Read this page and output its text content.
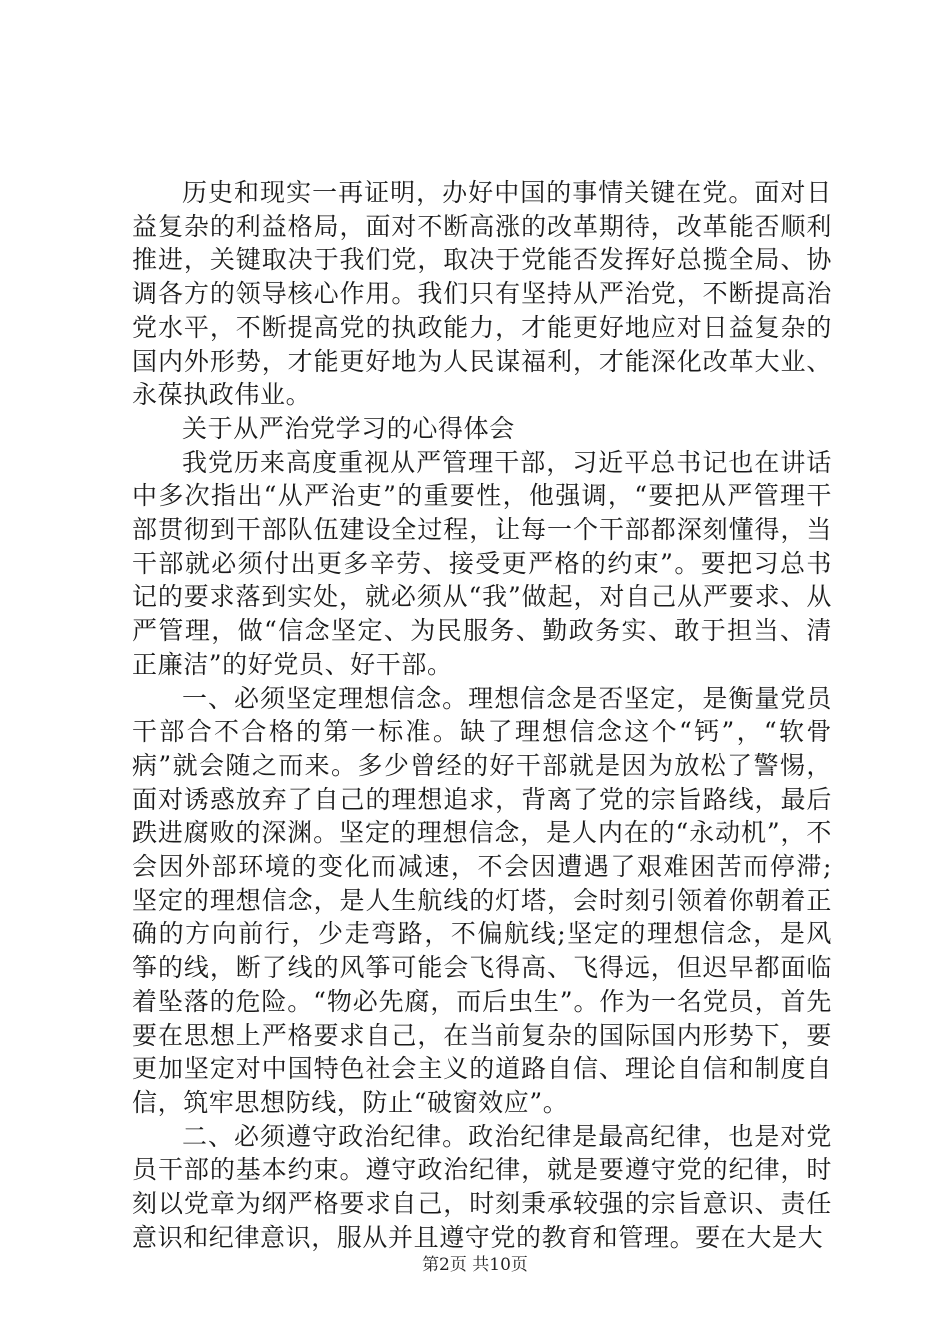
历史和现实一再证明，办好中国的事情关键在党。面对日益复杂的利益格局，面对不断高涨的改革期待，改革能否顺利推进，关键取决于我们党，取决于党能否发挥好总揽全局、协调各方的领导核心作用。我们只有坚持从严治党，不断提高治党水平，不断提高党的执政能力，才能更好地应对日益复杂的国内外形势，才能更好地为人民谋福利，才能深化改革大业、永葆执政伟业。

关于从严治党学习的心得体会

我党历来高度重视从严管理干部，习近平总书记也在讲话中多次指出“从严治吏”的重要性，他强调，“要把从严管理干部贯彻到干部队伍建设全过程，让每一个干部都深刻懂得，当干部就必须付出更多辛劳、接受更严格的约束”。要把习总书记的要求落到实处，就必须从“我”做起，对自己从严要求、从严管理，做“信念坚定、为民服务、勤政务实、敢于担当、清正廉洁”的好党员、好干部。

一、必须坚定理想信念。理想信念是否坚定，是衡量党员干部合不合格的第一标准。缺了理想信念这个“钙”，“软骨病”就会随之而来。多少曾经的好干部就是因为放松了警惕，面对诱惑放弃了自己的理想追求，背离了党的宗旨路线，最后跌进腐败的深渊。坚定的理想信念，是人内在的“永动机”，不会因外部环境的变化而减速，不会因遭遇了艰难困苦而停滞;坚定的理想信念，是人生航线的灯塔，会时刻引领着你朝着正确的方向前行，少走弯路，不偏航线;坚定的理想信念，是风筝的线，断了线的风筝可能会飞得高、飞得远，但迟早都面临着坠落的危险。“物必先腐，而后虫生”。作为一名党员，首先要在思想上严格要求自己，在当前复杂的国际国内形势下，要更加坚定对中国特色社会主义的道路自信、理论自信和制度自信，筑牢思想防线，防止“破窗效应”。

二、必须遵守政治纪律。政治纪律是最高纪律，也是对党员干部的基本约束。遵守政治纪律，就是要遵守党的纪律，时刻以党章为纲严格要求自己，时刻秉承较强的宗旨意识、责任意识和纪律意识，服从并且遵守党的教育和管理。要在大是大

第2页 共10页
